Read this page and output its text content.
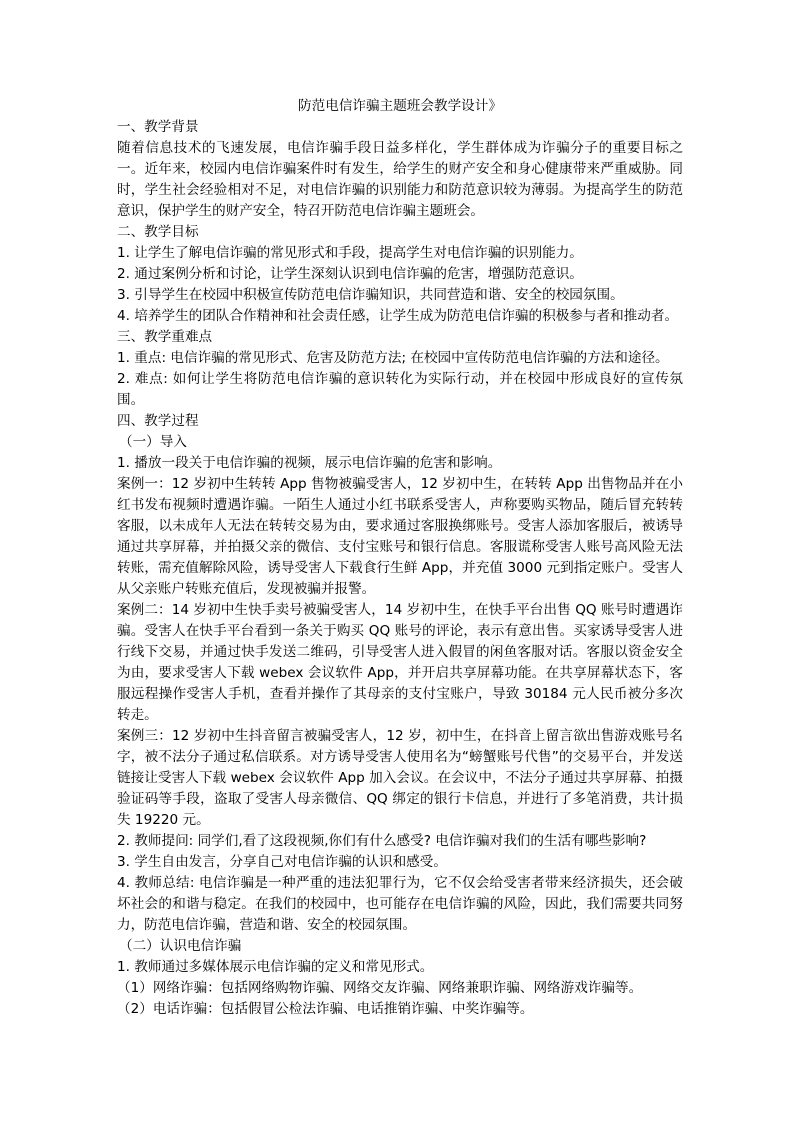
防范电信诈骗主题班会教学设计》

一、教学背景

随着信息技术的飞速发展，电信诈骗手段日益多样化，学生群体成为诈骗分子的重要目标之一。近年来，校园内电信诈骗案件时有发生，给学生的财产安全和身心健康带来严重威胁。同时，学生社会经验相对不足，对电信诈骗的识别能力和防范意识较为薄弱。为提高学生的防范意识，保护学生的财产安全，特召开防范电信诈骗主题班会。

二、教学目标

1. 让学生了解电信诈骗的常见形式和手段，提高学生对电信诈骗的识别能力。

2. 通过案例分析和讨论，让学生深刻认识到电信诈骗的危害，增强防范意识。

3. 引导学生在校园中积极宣传防范电信诈骗知识，共同营造和谐、安全的校园氛围。

4. 培养学生的团队合作精神和社会责任感，让学生成为防范电信诈骗的积极参与者和推动者。

三、教学重难点

1. 重点: 电信诈骗的常见形式、危害及防范方法; 在校园中宣传防范电信诈骗的方法和途径。

2. 难点: 如何让学生将防范电信诈骗的意识转化为实际行动，并在校园中形成良好的宣传氛围。

四、教学过程

（一）导入

1. 播放一段关于电信诈骗的视频，展示电信诈骗的危害和影响。

案例一：12 岁初中生转转 App 售物被骗受害人，12 岁初中生，在转转 App 出售物品并在小红书发布视频时遭遇诈骗。一陌生人通过小红书联系受害人，声称要购买物品，随后冒充转转客服，以未成年人无法在转转交易为由，要求通过客服换绑账号。受害人添加客服后，被诱导通过共享屏幕，并拍摄父亲的微信、支付宝账号和银行信息。客服谎称受害人账号高风险无法转账，需充值解除风险，诱导受害人下载食行生鲜 App，并充值 3000 元到指定账户。受害人从父亲账户转账充值后，发现被骗并报警。

案例二：14 岁初中生快手卖号被骗受害人，14 岁初中生，在快手平台出售 QQ 账号时遭遇诈骗。受害人在快手平台看到一条关于购买 QQ 账号的评论，表示有意出售。买家诱导受害人进行线下交易，并通过快手发送二维码，引导受害人进入假冒的闲鱼客服对话。客服以资金安全为由，要求受害人下载 webex 会议软件 App，并开启共享屏幕功能。在共享屏幕状态下，客服远程操作受害人手机，查看并操作了其母亲的支付宝账户，导致 30184 元人民币被分多次转走。

案例三：12 岁初中生抖音留言被骗受害人，12 岁，初中生，在抖音上留言欲出售游戏账号名字，被不法分子通过私信联系。对方诱导受害人使用名为“螃蟹账号代售”的交易平台，并发送链接让受害人下载 webex 会议软件 App 加入会议。在会议中，不法分子通过共享屏幕、拍摄验证码等手段，盗取了受害人母亲微信、QQ 绑定的银行卡信息，并进行了多笔消费，共计损失 19220 元。

2. 教师提问: 同学们,看了这段视频,你们有什么感受? 电信诈骗对我们的生活有哪些影响?

3. 学生自由发言，分享自己对电信诈骗的认识和感受。

4. 教师总结: 电信诈骗是一种严重的违法犯罪行为，它不仅会给受害者带来经济损失，还会破坏社会的和谐与稳定。在我们的校园中，也可能存在电信诈骗的风险，因此，我们需要共同努力，防范电信诈骗，营造和谐、安全的校园氛围。

（二）认识电信诈骗

1. 教师通过多媒体展示电信诈骗的定义和常见形式。

（1）网络诈骗：包括网络购物诈骗、网络交友诈骗、网络兼职诈骗、网络游戏诈骗等。

（2）电话诈骗：包括假冒公检法诈骗、电话推销诈骗、中奖诈骗等。
